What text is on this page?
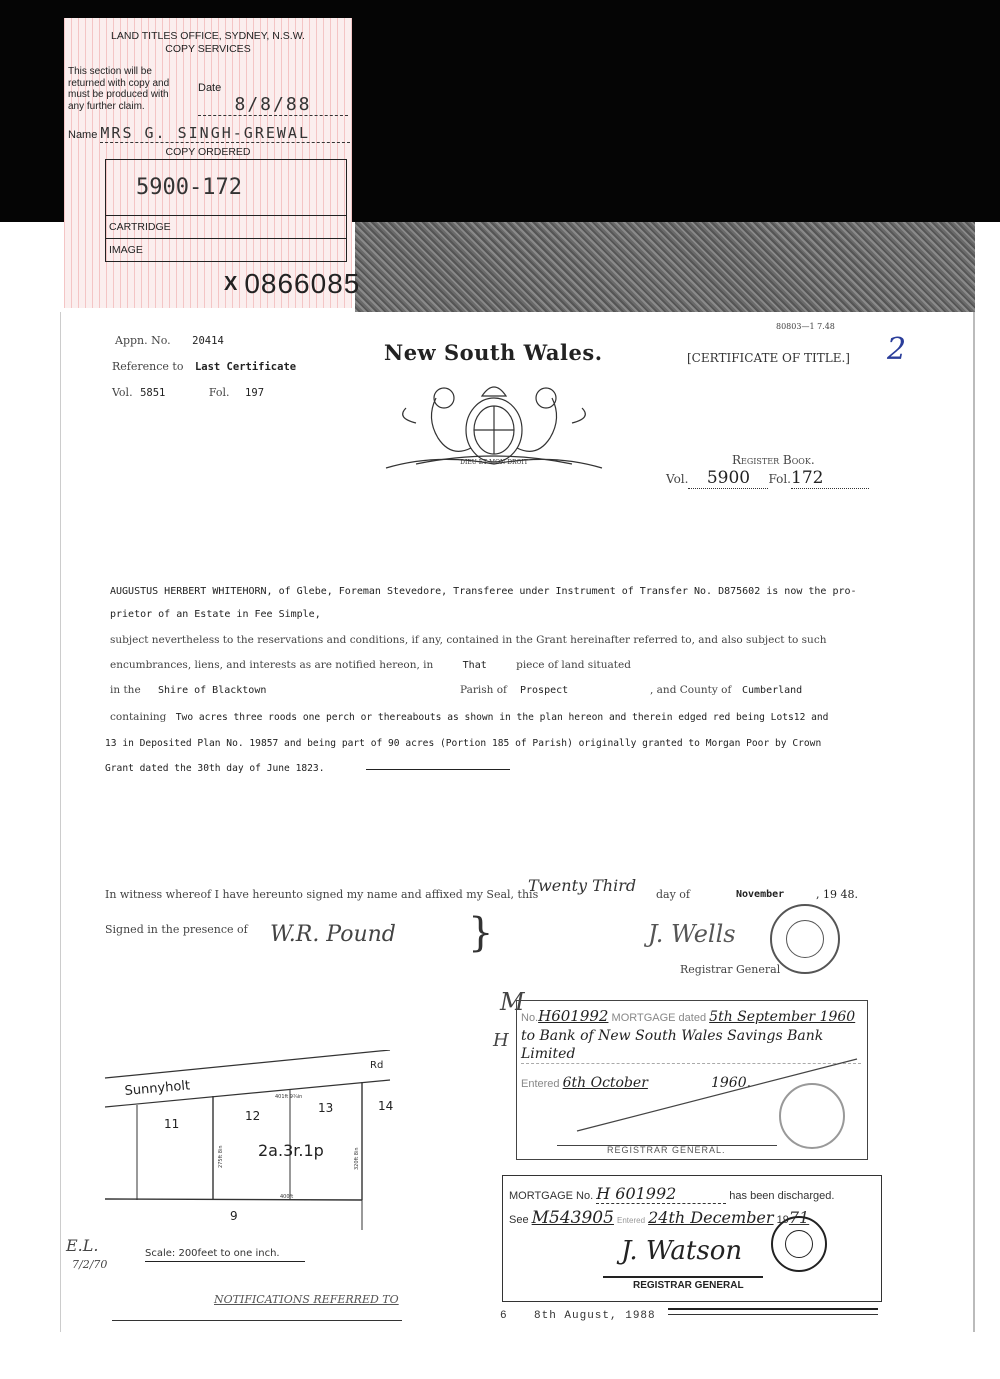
LAND TITLES OFFICE, SYDNEY, N.S.W.
COPY SERVICES
This section will be returned with copy and must be produced with any further claim.
Date 8/8/88
Name MRS G. SINGH-GREWAL
COPY ORDERED
5900-172
CARTRIDGE
IMAGE
X 0866085
Appn. No. 20414
Reference to Last Certificate
Vol. 5851	Fol. 197
New South Wales.
DIEU ET MON DROIT
80803—1 7.48
[CERTIFICATE OF TITLE.] 2
Register Book.
Vol. 5900 Fol.172
AUGUSTUS HERBERT WHITEHORN, of Glebe, Foreman Stevedore, Transferee under Instrument of Transfer No. D875602 is now the pro-
prietor of an Estate in Fee Simple,
subject nevertheless to the reservations and conditions, if any, contained in the Grant hereinafter referred to, and also subject to such
encumbrances, liens, and interests as are notified hereon, in	That	piece of land situated
in the Shire of Blacktown	Parish of Prospect	, and County of Cumberland
containing Two acres three roods one perch or thereabouts as shown in the plan hereon and therein edged red being Lots12 and
13 in Deposited Plan No. 19857 and being part of 90 acres (Portion 185 of Parish) originally granted to Morgan Poor by Crown
Grant dated the 30th day of June 1823.
In witness whereof I have hereunto signed my name and affixed my Seal, this
Twenty Third day of	November	, 19 48.
Signed in the presence of W.R. Pound }	J. Wells
Registrar General
M
H
No.H601992 MORTGAGE dated 5th September 1960
to Bank of New South Wales Savings Bank Limited
Entered 6th October	1960.
REGISTRAR GENERAL.
MORTGAGE No. H 601992	has been discharged.
See M543905 Entered 24th December 1971
J. Watson
REGISTRAR GENERAL
Sunnyholt
Rd
11
12
13	14
9
2a.3r.1p
401ft 9¾in
400ft
275ft 8in	320ft 8in
Scale: 200feet to one inch.
E.L.
7/2/70
NOTIFICATIONS REFERRED TO
6 8th August, 1988
